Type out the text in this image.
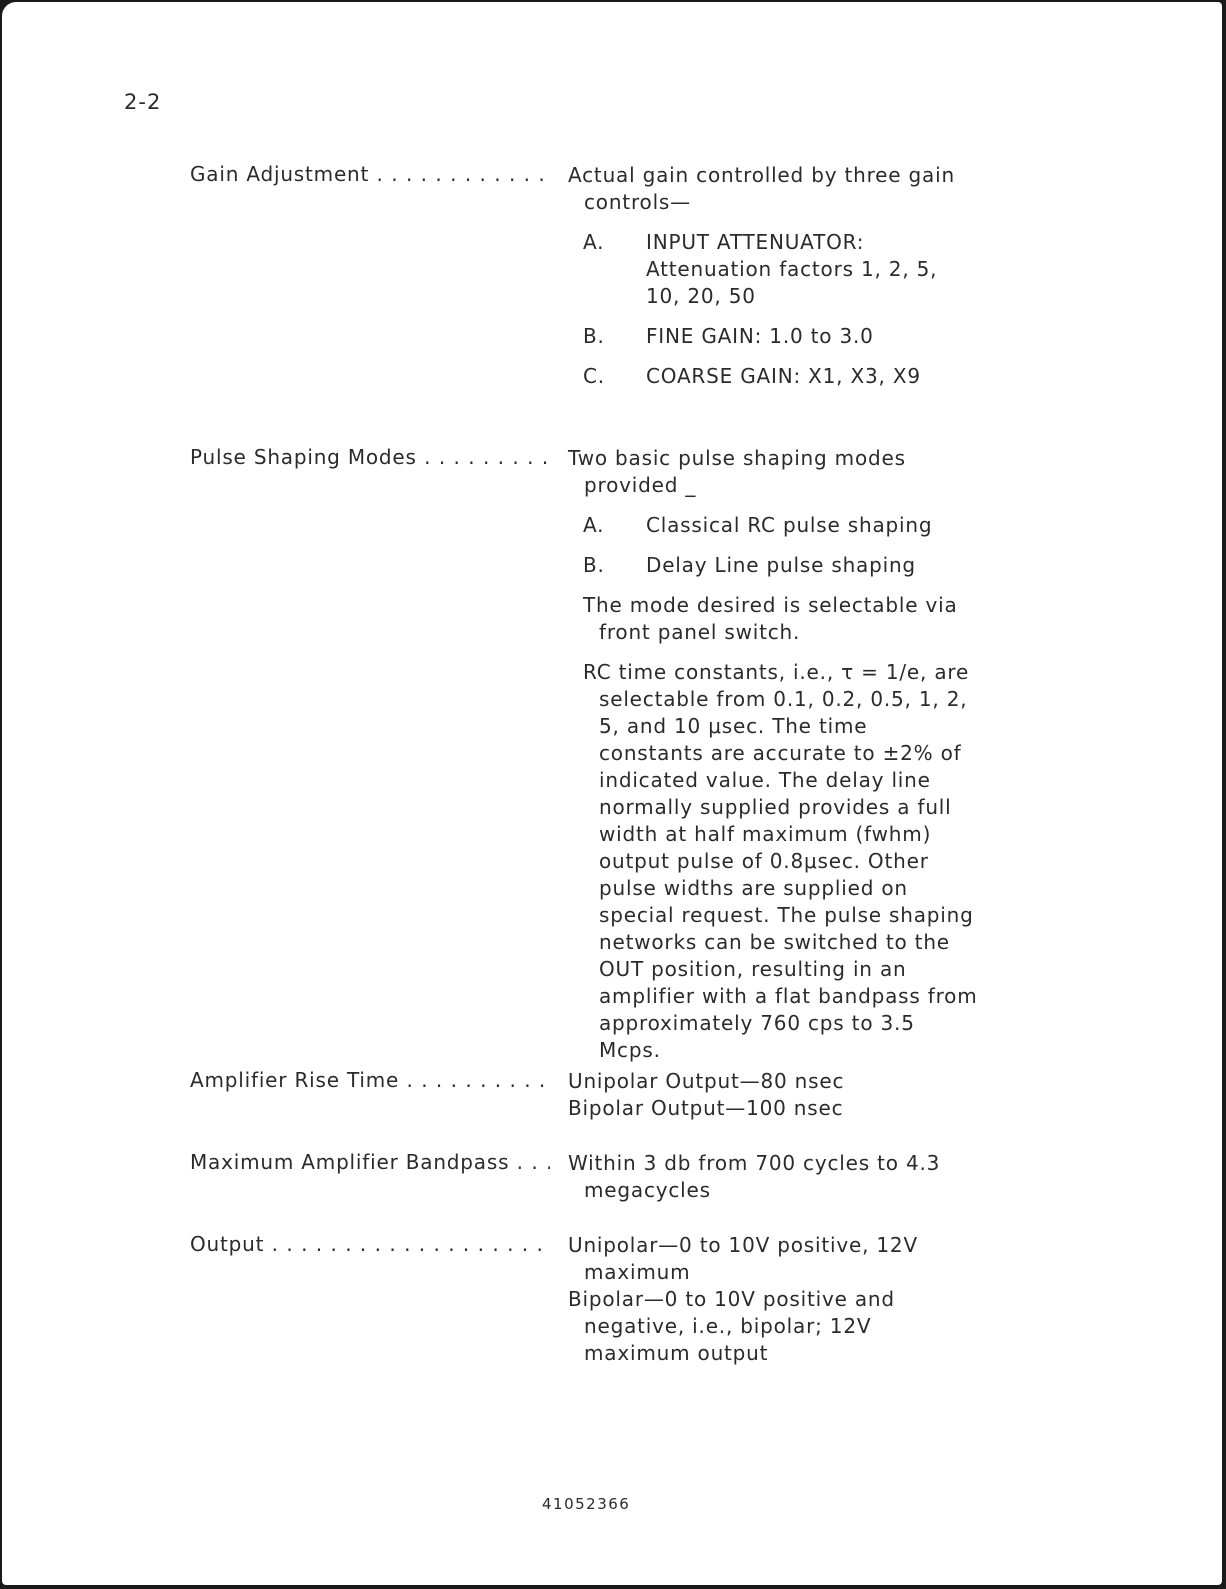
2-2
Gain Adjustment . . .	Actual gain controlled by three gain controls—

A.	INPUT ATTENUATOR: Attenuation factors 1, 2, 5, 10, 20, 50
B.	FINE GAIN: 1.0 to 3.0
C.	COARSE GAIN: X1, X3, X9
Pulse Shaping Modes . . .	Two basic pulse shaping modes provided _

A.	Classical RC pulse shaping
B.	Delay Line pulse shaping

The mode desired is selectable via front panel switch.

RC time constants, i.e., τ = 1/e, are selectable from 0.1, 0.2, 0.5, 1, 2, 5, and 10 μsec. The time constants are accurate to ±2% of indicated value. The delay line normally supplied provides a full width at half maximum (fwhm) output pulse of 0.8μsec. Other pulse widths are supplied on special request. The pulse shaping networks can be switched to the OUT position, resulting in an amplifier with a flat bandpass from approximately 760 cps to 3.5 Mcps.

Amplifier Rise Time . . .	Unipolar Output—80 nsec

Bipolar Output—100 nsec

Maximum Amplifier Bandpass . . .	Within 3 db from 700 cycles to 4.3 megacycles

Output . . .	Unipolar—0 to 10V positive, 12V maximum

Bipolar—0 to 10V positive and negative, i.e., bipolar; 12V maximum output

41052366
